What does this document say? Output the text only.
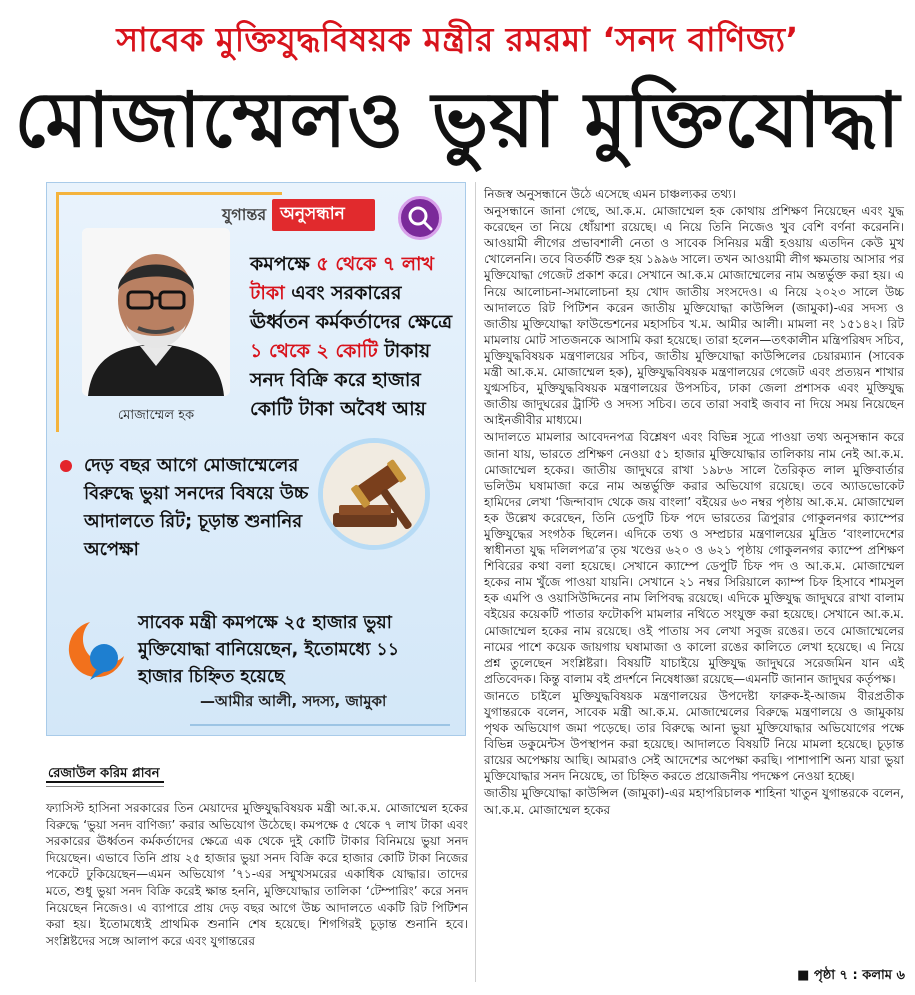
সাবেক মুক্তিযুদ্ধবিষয়ক মন্ত্রীর রমরমা ‘সনদ বাণিজ্য’
মোজাম্মেলও ভুয়া মুক্তিযোদ্ধা
যুগান্তর অনুসন্ধান
মোজাম্মেল হক
কমপক্ষে ৫ থেকে ৭ লাখ টাকা এবং সরকারের ঊর্ধ্বতন কর্মকর্তাদের ক্ষেত্রে ১ থেকে ২ কোটি টাকায় সনদ বিক্রি করে হাজার কোটি টাকা অবৈধ আয়
দেড় বছর আগে মোজাম্মেলের বিরুদ্ধে ভুয়া সনদের বিষয়ে উচ্চ আদালতে রিট; চূড়ান্ত শুনানির অপেক্ষা
সাবেক মন্ত্রী কমপক্ষে ২৫ হাজার ভুয়া মুক্তিযোদ্ধা বানিয়েছেন, ইতোমধ্যে ১১ হাজার চিহ্নিত হয়েছে
—আমীর আলী, সদস্য, জামুকা
রেজাউল করিম প্লাবন

ফ্যাসিস্ট হাসিনা সরকারের তিন মেয়াদের মুক্তিযুদ্ধবিষয়ক মন্ত্রী আ.ক.ম. মোজাম্মেল হকের বিরুদ্ধে ‘ভুয়া সনদ বাণিজ্য’ করার অভিযোগ উঠেছে। কমপক্ষে ৫ থেকে ৭ লাখ টাকা এবং সরকারের ঊর্ধ্বতন কর্মকর্তাদের ক্ষেত্রে এক থেকে দুই কোটি টাকার বিনিময়ে ভুয়া সনদ দিয়েছেন। এভাবে তিনি প্রায় ২৫ হাজার ভুয়া সনদ বিক্রি করে হাজার কোটি টাকা নিজের পকেটে ঢুকিয়েছেন—এমন অভিযোগ ’৭১-এর সম্মুখসমরের একাধিক যোদ্ধার। তাদের মতে, শুধু ভুয়া সনদ বিক্রি করেই ক্ষান্ত হননি, মুক্তিযোদ্ধার তালিকা ‘টেম্পারিং’ করে সনদ নিয়েছেন নিজেও। এ ব্যাপারে প্রায় দেড় বছর আগে উচ্চ আদালতে একটি রিট পিটিশন করা হয়। ইতোমধ্যেই প্রাথমিক শুনানি শেষ হয়েছে। শিগগিরই চূড়ান্ত শুনানি হবে। সংশ্লিষ্টদের সঙ্গে আলাপ করে এবং যুগান্তরের

নিজস্ব অনুসন্ধানে উঠে এসেছে এমন চাঞ্চল্যকর তথ্য।

অনুসন্ধানে জানা গেছে, আ.ক.ম. মোজাম্মেল হক কোথায় প্রশিক্ষণ নিয়েছেন এবং যুদ্ধ করেছেন তা নিয়ে ধোঁয়াশা রয়েছে। এ নিয়ে তিনি নিজেও খুব বেশি বর্ণনা করেননি। আওয়ামী লীগের প্রভাবশালী নেতা ও সাবেক সিনিয়র মন্ত্রী হওয়ায় এতদিন কেউ মুখ খোলেননি। তবে বিতর্কটি শুরু হয় ১৯৯৬ সালে। তখন আওয়ামী লীগ ক্ষমতায় আসার পর মুক্তিযোদ্ধা গেজেট প্রকাশ করে। সেখানে আ.ক.ম মোজাম্মেলের নাম অন্তর্ভুক্ত করা হয়। এ নিয়ে আলোচনা-সমালোচনা হয় খোদ জাতীয় সংসদেও। এ নিয়ে ২০২৩ সালে উচ্চ আদালতে রিট পিটিশন করেন জাতীয় মুক্তিযোদ্ধা কাউন্সিল (জামুকা)-এর সদস্য ও জাতীয় মুক্তিযোদ্ধা ফাউন্ডেশনের মহাসচিব খ.ম. আমীর আলী। মামলা নং ১৫১৪২। রিট মামলায় মোট সাতজনকে আসামি করা হয়েছে। তারা হলেন—তৎকালীন মন্ত্রিপরিষদ সচিব, মুক্তিযুদ্ধবিষয়ক মন্ত্রণালয়ের সচিব, জাতীয় মুক্তিযোদ্ধা কাউন্সিলের চেয়ারম্যান (সাবেক মন্ত্রী আ.ক.ম. মোজাম্মেল হক), মুক্তিযুদ্ধবিষয়ক মন্ত্রণালয়ের গেজেট এবং প্রত্যয়ন শাখার যুগ্মসচিব, মুক্তিযুদ্ধবিষয়ক মন্ত্রণালয়ের উপসচিব, ঢাকা জেলা প্রশাসক এবং মুক্তিযুদ্ধ জাতীয় জাদুঘরের ট্রাস্টি ও সদস্য সচিব। তবে তারা সবাই জবাব না দিয়ে সময় নিয়েছেন আইনজীবীর মাধ্যমে।

আদালতে মামলার আবেদনপত্র বিশ্লেষণ এবং বিভিন্ন সূত্রে পাওয়া তথ্য অনুসন্ধান করে জানা যায়, ভারতে প্রশিক্ষণ নেওয়া ৫১ হাজার মুক্তিযোদ্ধার তালিকায় নাম নেই আ.ক.ম. মোজাম্মেল হকের। জাতীয় জাদুঘরে রাখা ১৯৮৬ সালে তৈরিকৃত লাল মুক্তিবার্তার ভলিউম ঘষামাজা করে নাম অন্তর্ভুক্তি করার অভিযোগ রয়েছে। তবে অ্যাডভোকেট হামিদের লেখা ‘জিন্দাবাদ থেকে জয় বাংলা’ বইয়ের ৬৩ নম্বর পৃষ্ঠায় আ.ক.ম. মোজাম্মেল হক উল্লেখ করেছেন, তিনি ডেপুটি চিফ পদে ভারতের ত্রিপুরার গোকুলনগর ক্যাম্পের মুক্তিযুদ্ধের সংগঠক ছিলেন। এদিকে তথ্য ও সম্প্রচার মন্ত্রণালয়ের মুদ্রিত ‘বাংলাদেশের স্বাধীনতা যুদ্ধ দলিলপত্র’র তৃয় খণ্ডের ৬২০ ও ৬২১ পৃষ্ঠায় গোকুলনগর ক্যাম্পে প্রশিক্ষণ শিবিরের কথা বলা হয়েছে। সেখানে ক্যাম্পে ডেপুটি চিফ পদ ও আ.ক.ম. মোজাম্মেল হকের নাম খুঁজে পাওয়া যায়নি। সেখানে ২১ নম্বর সিরিয়ালে ক্যাম্প চিফ হিসাবে শামসুল হক এমপি ও ওয়াসিউদ্দিনের নাম লিপিবদ্ধ রয়েছে। এদিকে মুক্তিযুদ্ধ জাদুঘরে রাখা বালাম বইয়ের কয়েকটি পাতার ফটোকপি মামলার নথিতে সংযুক্ত করা হয়েছে। সেখানে আ.ক.ম. মোজাম্মেল হকের নাম রয়েছে। ওই পাতায় সব লেখা সবুজ রঙের। তবে মোজাম্মেলের নামের পাশে কয়েক জায়গায় ঘষামাজা ও কালো রঙের কালিতে লেখা হয়েছে। এ নিয়ে প্রশ্ন তুলেছেন সংশ্লিষ্টরা। বিষয়টি যাচাইয়ে মুক্তিযুদ্ধ জাদুঘরে সরেজমিন যান এই প্রতিবেদক। কিন্তু বালাম বই প্রদর্শনে নিষেধাজ্ঞা রয়েছে—এমনটি জানান জাদুঘর কর্তৃপক্ষ।

জানতে চাইলে মুক্তিযুদ্ধবিষয়ক মন্ত্রণালয়ের উপদেষ্টা ফারুক-ই-আজম বীরপ্রতীক যুগান্তরকে বলেন, সাবেক মন্ত্রী আ.ক.ম. মোজাম্মেলের বিরুদ্ধে মন্ত্রণালয়ে ও জামুকায় পৃথক অভিযোগ জমা পড়েছে। তার বিরুদ্ধে আনা ভুয়া মুক্তিযোদ্ধার অভিযোগের পক্ষে বিভিন্ন ডকুমেন্টস উপস্থাপন করা হয়েছে। আদালতে বিষয়টি নিয়ে মামলা হয়েছে। চূড়ান্ত রায়ের অপেক্ষায় আছি। আমরাও সেই আদেশের অপেক্ষা করছি। পাশাপাশি অন্য যারা ভুয়া মুক্তিযোদ্ধার সনদ নিয়েছে, তা চিহ্নিত করতে প্রয়োজনীয় পদক্ষেপ নেওয়া হচ্ছে।

জাতীয় মুক্তিযোদ্ধা কাউন্সিল (জামুকা)-এর মহাপরিচালক শাহিনা খাতুন যুগান্তরকে বলেন, আ.ক.ম. মোজাম্মেল হকের

■ পৃষ্ঠা ৭ : কলাম ৬
